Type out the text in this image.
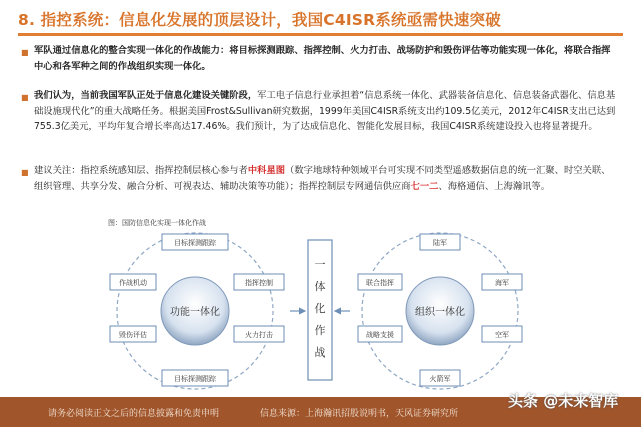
8. 指控系统：信息化发展的顶层设计，我国C4ISR系统亟需快速突破
■ 军队通过信息化的整合实现一体化的作战能力：将目标探测跟踪、指挥控制、火力打击、战场防护和毁伤评估等功能实现一体化，将联合指挥中心和各军种之间的作战组织实现一体化。
■ 我们认为，当前我国军队正处于信息化建设关键阶段，军工电子信息行业承担着“信息系统一体化、武器装备信息化、信息装备武器化、信息基础设施现代化”的重大战略任务。根据美国Frost&Sullivan研究数据，1999年美国C4ISR系统支出约109.5亿美元，2012年C4ISR支出已达到755.3亿美元，平均年复合增长率高达17.46%。我们预计，为了达成信息化、智能化发展目标，我国C4ISR系统建设投入也将显著提升。
■ 建议关注：指控系统感知层、指挥控制层核心参与者中科星图（数字地球特种领域平台可实现不同类型遥感数据信息的统一汇聚、时空关联、组织管理、共享分发、融合分析、可视表达、辅助决策等功能）；指挥控制层专网通信供应商七一二、海格通信、上海瀚讯等。
图：国防信息化实现一体化作战
功能一体化
目标探测跟踪
作战机动	指挥控制
毁伤评估	火力打击
目标探测跟踪
一
体
化
作
战
组织一体化
陆军
联合指挥	海军
战略支援	空军
火箭军
请务必阅读正文之后的信息披露和免责申明	信息来源：上海瀚讯招股说明书，天风证券研究所
头条 @未来智库
